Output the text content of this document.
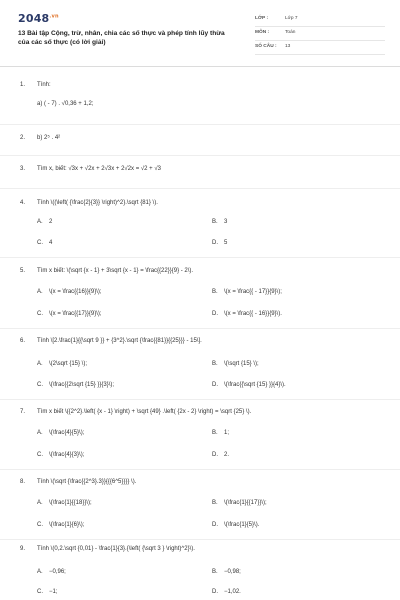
$2048^{.vn}$
13 Bài tập Cộng, trừ, nhân, chia các số thực và phép tính lũy thừa của các số thực (có lời giải)
LỚP :	Lớp 7
MÔN :	Toán
SỐ CÂU : 13
1.	Tính:
a) ( - 7) . √0,36 + 1,2;
2.	b) 2⁵ . 4²
3.	Tìm x, biết: √3x + √2x + 2√3x + 2√2x = √2 + √3
4.	Tính \((\left( {\frac{2}{3}} \right)^2}.\sqrt {81} \).
A. 2	B. 3
C. 4	D. 5
5.	Tìm x biết: \(\sqrt {x - 1} + 3\sqrt {x - 1} = \frac{{22}}{9} - 2\).
A. \(x = \frac{{16}}{9}\);	B. \(x = \frac{{ - 17}}{9}\);
C. \(x = \frac{{17}}{9}\);	D. \(x = \frac{{ - 16}}{9}\).
6.	Tính \[2.\frac{1}{{\sqrt 9 }} + {3^2}.\sqrt {\frac{{81}}{{25}}} - 15\].
A. \(2\sqrt {15} \);	B. \(\sqrt {15} \);
C. \(\frac{{2\sqrt {15} }}{3}\);	D. \(\frac{{\sqrt {15} }}{4}\).
7.	Tìm x biết \({2^2}.\left( {x - 1} \right) + \sqrt {49} .\left( {2x - 2} \right) = \sqrt {25} \).
A. \(\frac{4}{5}\);	B. 1;
C. \(\frac{4}{3}\);	D. 2.
8.	Tính \(\sqrt {\frac{{2^3}.3}}{{{6^5}}}} \).
A. \(\frac{1}{{18}}\);	B. \(\frac{1}{{17}}\);
C. \(\frac{1}{6}\);	D. \(\frac{1}{5}\).
9.	Tính \(0,2.\sqrt {0,01} - \frac{1}{3}.{\left( {\sqrt 3 } \right)^2}\).
A. −0,96;	B. −0,98;
C. −1;	D. −1,02.
